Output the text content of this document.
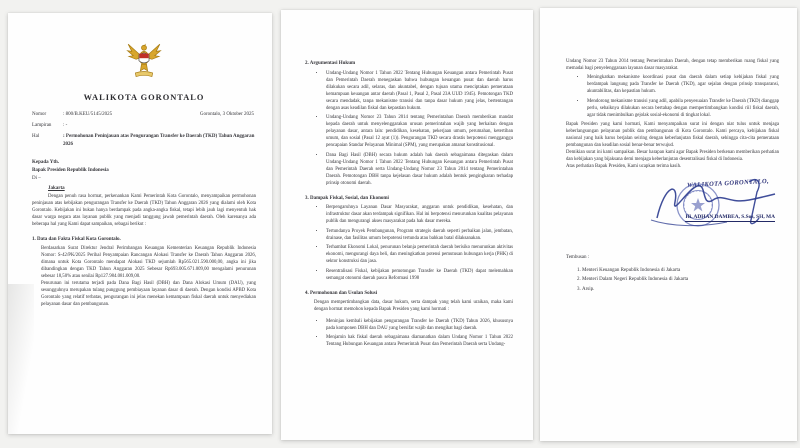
WALIKOTA GORONTALO
Nomor	: 800/B.KEU/5145/2025	Gorontalo, 3 Oktober 2025
Lampiran	: -
Hal	: Permohonan Peninjauan atas Pengurangan Transfer ke Daerah (TKD) Tahun Anggaran 2026
Kepada Yth.
Bapak Presiden Republik Indonesia
Di –
Jakarta

Dengan penuh rasa hormat, perkenankan Kami Pemerintah Kota Gorontalo, menyampaikan permohonan peninjauan atas kebijakan pengurangan Transfer ke Daerah (TKD) Tahun Anggaran 2026 yang dialami oleh Kota Gorontalo. Kebijakan ini bukan hanya berdampak pada angka-angka fiskal, tetapi lebih jauh lagi menyentuh hak dasar warga negara atas layanan publik yang menjadi tanggung jawab pemerintah daerah. Oleh karenanya ada beberapa hal yang Kami dapat sampaikan, sebagai berikut :

1. Data dan Fakta Fiskal Kota Gorontalo.

Berdasarkan Surat Direktur Jendral Perimbangan Keuangan Kementerian Keuangan Republik Indonesia Nomor: S-42/PK/2025 Perihal Penyampaian Rancangan Alokasi Transfer ke Daerah Tahun Anggaran 2026, dimana untuk Kota Gorontalo mendapat Alokasi TKD sejumlah Rp565.021.590.000,00, angka ini jika dibandingkan dengan TKD Tahun Anggaran 2025 Sebesar Rp693.005.671.009,00 mengalami penurunan sebesar 18,50% atau senilai Rp127.984.081.009,00.

Penurunan ini terutama terjadi pada Dana Bagi Hasil (DBH) dan Dana Alokasi Umum (DAU), yang sesungguhnya merupakan tulang punggung pembiayaan layanan dasar di daerah. Dengan kondisi APBD Kota Gorontalo yang relatif terbatas, pengurangan ini jelas menekan kemampuan fiskal daerah untuk menyediakan pelayanan dasar dan pembangunan.

2. Argumentasi Hukum
• Undang-Undang Nomor 1 Tahun 2022 Tentang Hubungan Keuangan antara Pemerintah Pusat dan Pemerintah Daerah menegaskan bahwa hubungan keuangan pusat dan daerah harus dilakukan secara adil, selaras, dan akuntabel, dengan tujuan utama menciptakan pemerataan kemampuan keuangan antar daerah (Pasal 1, Pasal 2, Pasal 23A UUD 1945). Pemotongan TKD secara mendadak, tanpa mekanisme transisi dan tanpa dasar hukum yang jelas, bertentangan dengan asas keadilan fiskal dan kepastian hukum.
• Undang-Undang Nomor 23 Tahun 2014 tentang Pemerintahan Daerah memberikan mandat kepada daerah untuk menyelenggarakan urusan pemerintahan wajib yang berkaitan dengan pelayanan dasar, antara lain: pendidikan, kesehatan, pekerjaan umum, perumahan, ketertiban umum, dan sosial (Pasal 12 ayat (1)). Pengurangan TKD secara drastis berpotensi mengganggu pencapaian Standar Pelayanan Minimal (SPM), yang merupakan amanat konstitusional.
• Dana Bagi Hasil (DBH) secara hukum adalah hak daerah sebagaimana ditegaskan dalam Undang-Undang Nomor 1 Tahun 2022 Tentang Hubungan Keuangan antara Pemerintah Pusat dan Pemerintah Daerah serta Undang-Undang Nomor 23 Tahun 2014 tentang Pemerintahan Daerah. Pemotongan DBH tanpa kejelasan dasar hukum adalah bentuk pengingkaran terhadap prinsip otonomi daerah.
3. Dampak Fiskal, Sosial, dan Ekonomi
• Berpengaruhnya Layanan Dasar Masyarakat, anggaran untuk pendidikan, kesehatan, dan infrastruktur dasar akan terdampak signifikan. Hal ini berpotensi menurunkan kualitas pelayanan publik dan mengurangi akses masyarakat pada hak dasar mereka.
• Tertundanya Proyek Pembangunan, Program strategis daerah seperti perbaikan jalan, jembatan, drainase, dan fasilitas umum berpotensi tertunda atau bahkan batal dilaksanakan.
• Terhambat Ekonomi Lokal, penurunan belanja pemerintah daerah berisiko menurunkan aktivitas ekonomi, mengurangi daya beli, dan meningkatkan potensi pemutusan hubungan kerja (PHK) di sektor konstruksi dan jasa.
• Resentralisasi Fiskal, kebijakan pemotongan Transfer ke Daerah (TKD) dapat melemahkan semangat otonomi daerah pasca Reformasi 1998
4. Permohonan dan Usulan Solusi

Dengan mempertimbangkan data, dasar hukum, serta dampak yang telah kami uraikan, maka kami dengan hormat memohon kepada Bapak Presiden yang kami hormati :

• Meninjau kembali kebijakan pengurangan Transfer ke Daerah (TKD) Tahun 2026, khususnya pada komponen DBH dan DAU yang bersifat wajib dan mengikat bagi daerah.
• Menjamin hak fiskal daerah sebagaimana diamanatkan dalam Undang Nomor 1 Tahun 2022 Tentang Hubungan Keuangan antara Pemerintah Pusat dan Pemerintah Daerah serta Undang-

Undang Nomor 23 Tahun 2014 tentang Pemerintahan Daerah, dengan tetap memberikan ruang fiskal yang memadai bagi penyelenggaraan layanan dasar masyarakat.

• Meningkatkan mekanisme koordinasi pusat dan daerah dalam setiap kebijakan fiskal yang berdampak langsung pada Transfer ke Daerah (TKD), agar sejalan dengan prinsip transparansi, akuntabilitas, dan kepastian hukum.
• Mendorong mekanisme transisi yang adil, apabila penyesuaian Transfer ke Daerah (TKD) dianggap perlu, sebaiknya dilakukan secara bertahap dengan mempertimbangkan kondisi riil fiskal daerah, agar tidak menimbulkan gejolak sosial-ekonomi di tingkat lokal.

Bapak Presiden yang kami hormati, Kami menyampaikan surat ini dengan niat tulus untuk menjaga keberlangsungan pelayanan publik dan pembangunan di Kota Gorontalo. Kami percaya, kebijakan fiskal nasional yang baik harus berjalan seiring dengan keberlanjutan fiskal daerah, sehingga cita-cita pemerataan pembangunan dan keadilan sosial benar-benar terwujud.

Demikian surat ini kami sampaikan. Besar harapan kami agar Bapak Presiden berkenan memberikan perhatian dan kebijakan yang bijaksana demi menjaga keberlanjutan desentralisasi fiskal di Indonesia.

Atas perhatian Bapak Presiden, Kami ucapkan terima kasih.

WALIKOTA GORONTALO,
Hi. ADHAN DAMBEA, S.Sos, SH, MA
Tembusan :
1. Menteri Keuangan Republik Indonesia di Jakarta
2. Menteri Dalam Negeri Republik Indonesia di Jakarta
3. Arsip.
